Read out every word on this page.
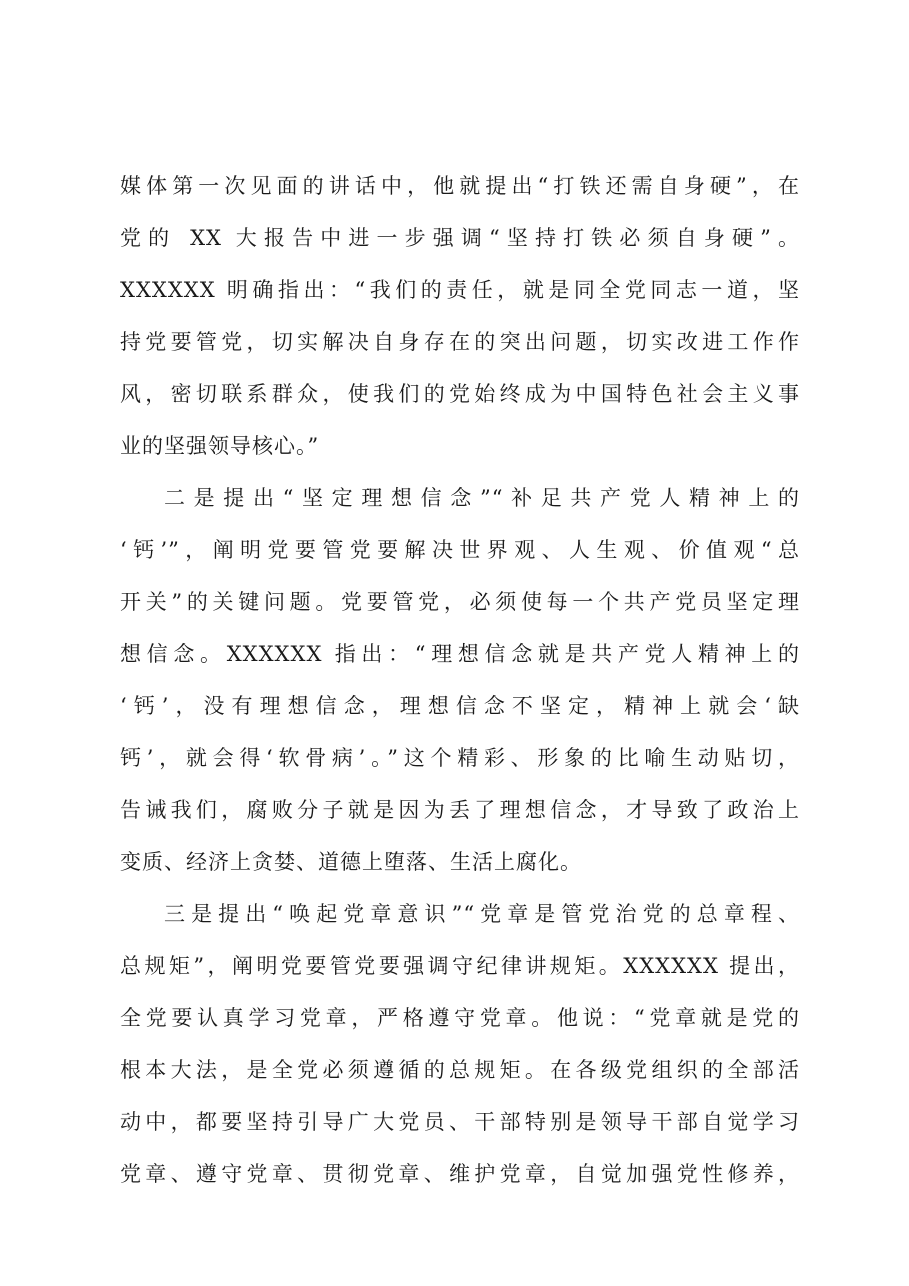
媒体第一次见面的讲话中，他就提出“打铁还需自身硬”，在
党的 XX 大报告中进一步强调“坚持打铁必须自身硬”。
XXXXXX 明确指出：“我们的责任，就是同全党同志一道，坚
持党要管党，切实解决自身存在的突出问题，切实改进工作作
风，密切联系群众，使我们的党始终成为中国特色社会主义事
业的坚强领导核心。”
二是提出“坚定理想信念”“补足共产党人精神上的
‘钙’”，阐明党要管党要解决世界观、人生观、价值观“总
开关”的关键问题。党要管党，必须使每一个共产党员坚定理
想信念。XXXXXX 指出：“理想信念就是共产党人精神上的
‘钙’，没有理想信念，理想信念不坚定，精神上就会‘缺
钙’，就会得‘软骨病’。”这个精彩、形象的比喻生动贴切，
告诫我们，腐败分子就是因为丢了理想信念，才导致了政治上
变质、经济上贪婪、道德上堕落、生活上腐化。
三是提出“唤起党章意识”“党章是管党治党的总章程、
总规矩”，阐明党要管党要强调守纪律讲规矩。XXXXXX 提出，
全党要认真学习党章，严格遵守党章。他说：“党章就是党的
根本大法，是全党必须遵循的总规矩。在各级党组织的全部活
动中，都要坚持引导广大党员、干部特别是领导干部自觉学习
党章、遵守党章、贯彻党章、维护党章，自觉加强党性修养，
